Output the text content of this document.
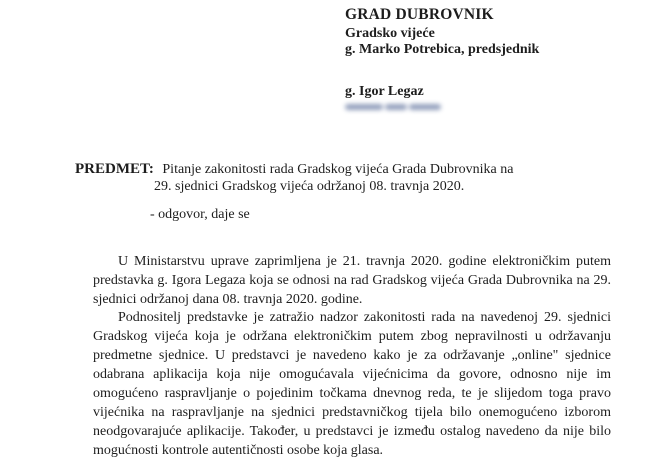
GRAD DUBROVNIK
Gradsko vijeće
g. Marko Potrebica, predsjednik
g. Igor Legaz
PREDMET: Pitanje zakonitosti rada Gradskog vijeća Grada Dubrovnika na
29. sjednici Gradskog vijeća održanoj 08. travnja 2020.
- odgovor, daje se
U Ministarstvu uprave zaprimljena je 21. travnja 2020. godine elektroničkim putem
predstavka g. Igora Legaza koja se odnosi na rad Gradskog vijeća Grada Dubrovnika na 29.
sjednici održanoj dana 08. travnja 2020. godine.
Podnositelj predstavke je zatražio nadzor zakonitosti rada na navedenoj 29. sjednici
Gradskog vijeća koja je održana elektroničkim putem zbog nepravilnosti u održavanju
predmetne sjednice. U predstavci je navedeno kako je za održavanje „online" sjednice
odabrana aplikacija koja nije omogućavala vijećnicima da govore, odnosno nije im
omogućeno raspravljanje o pojedinim točkama dnevnog reda, te je slijedom toga pravo
vijećnika na raspravljanje na sjednici predstavničkog tijela bilo onemogućeno izborom
neodgovarajuće aplikacije. Također, u predstavci je između ostalog navedeno da nije bilo
mogućnosti kontrole autentičnosti osobe koja glasa.
